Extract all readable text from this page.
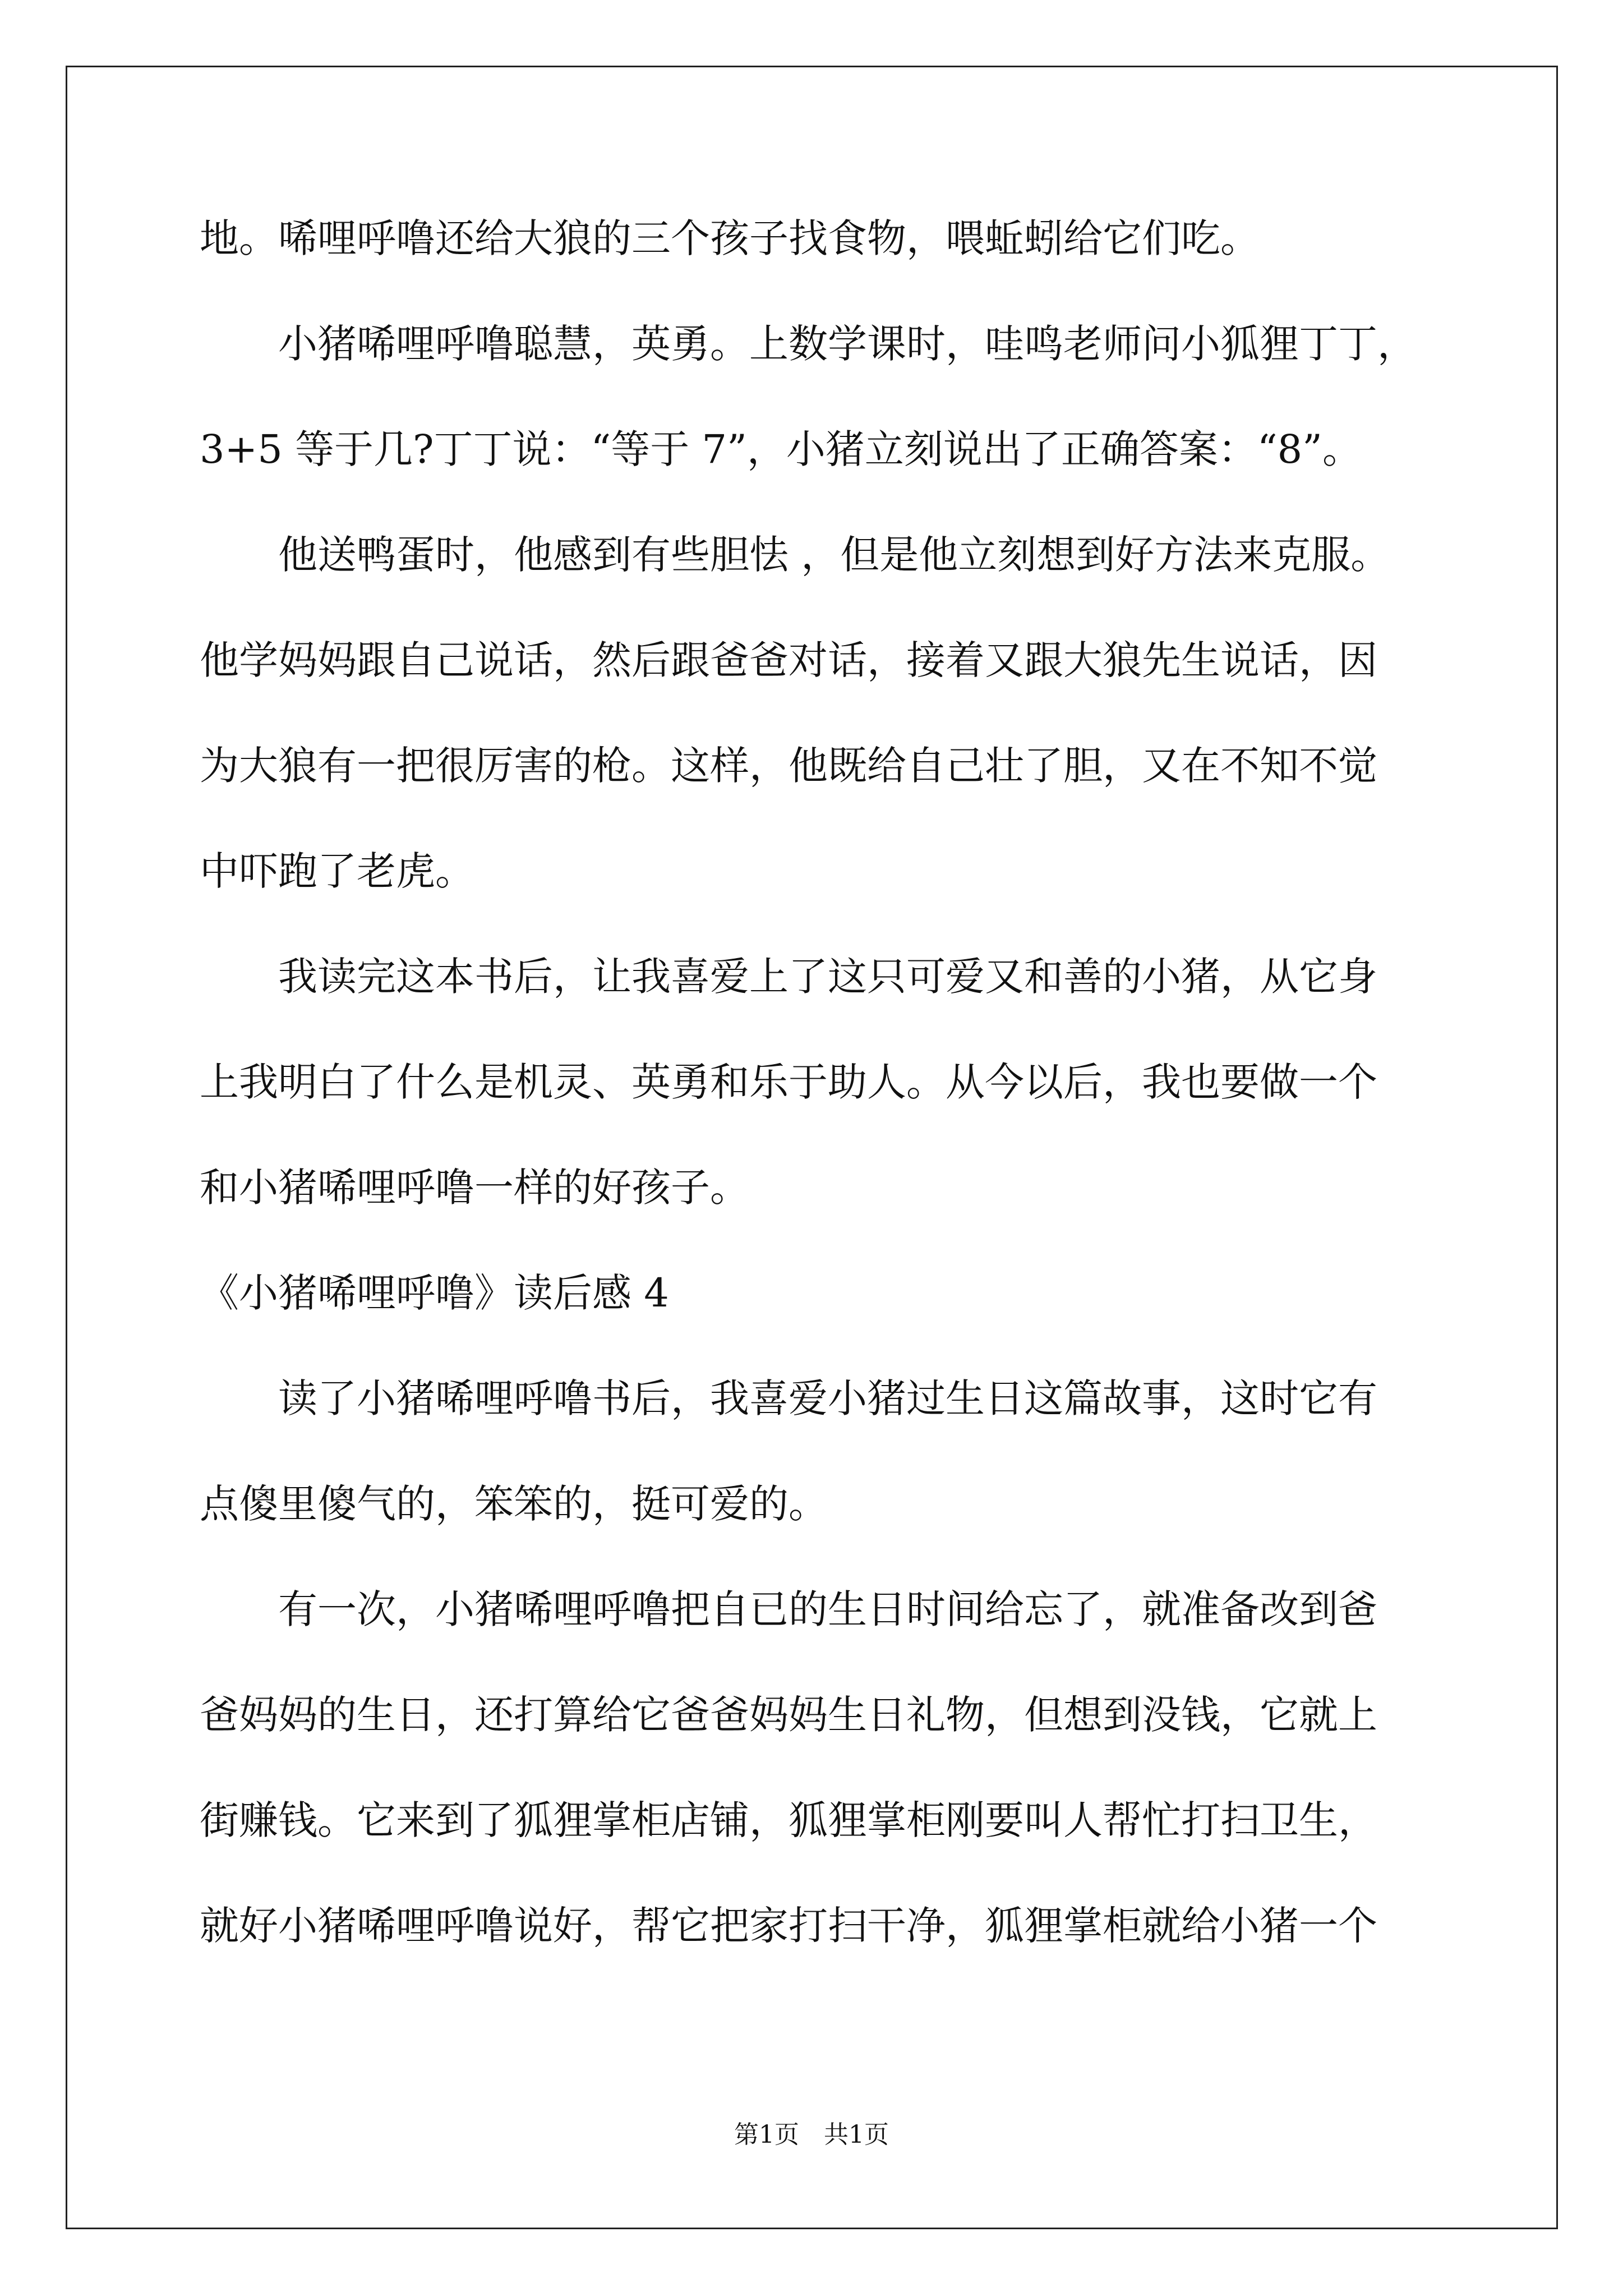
地。唏哩呼噜还给大狼的三个孩子找食物，喂蚯蚓给它们吃。
小猪唏哩呼噜聪慧，英勇。上数学课时，哇鸣老师问小狐狸丁丁，
3+5 等于几?丁丁说：“等于 7”，小猪立刻说出了正确答案：“8”。
他送鸭蛋时，他感到有些胆怯 ，但是他立刻想到好方法来克服。
他学妈妈跟自己说话，然后跟爸爸对话，接着又跟大狼先生说话，因
为大狼有一把很厉害的枪。这样，他既给自己壮了胆，又在不知不觉
中吓跑了老虎。
我读完这本书后，让我喜爱上了这只可爱又和善的小猪，从它身
上我明白了什么是机灵、英勇和乐于助人。从今以后，我也要做一个
和小猪唏哩呼噜一样的好孩子。
《小猪唏哩呼噜》读后感 4
读了小猪唏哩呼噜书后，我喜爱小猪过生日这篇故事，这时它有
点傻里傻气的，笨笨的，挺可爱的。
有一次，小猪唏哩呼噜把自已的生日时间给忘了，就准备改到爸
爸妈妈的生日，还打算给它爸爸妈妈生日礼物，但想到没钱，它就上
街赚钱。它来到了狐狸掌柜店铺，狐狸掌柜刚要叫人帮忙打扫卫生，
就好小猪唏哩呼噜说好，帮它把家打扫干净，狐狸掌柜就给小猪一个
第1页　共1页
